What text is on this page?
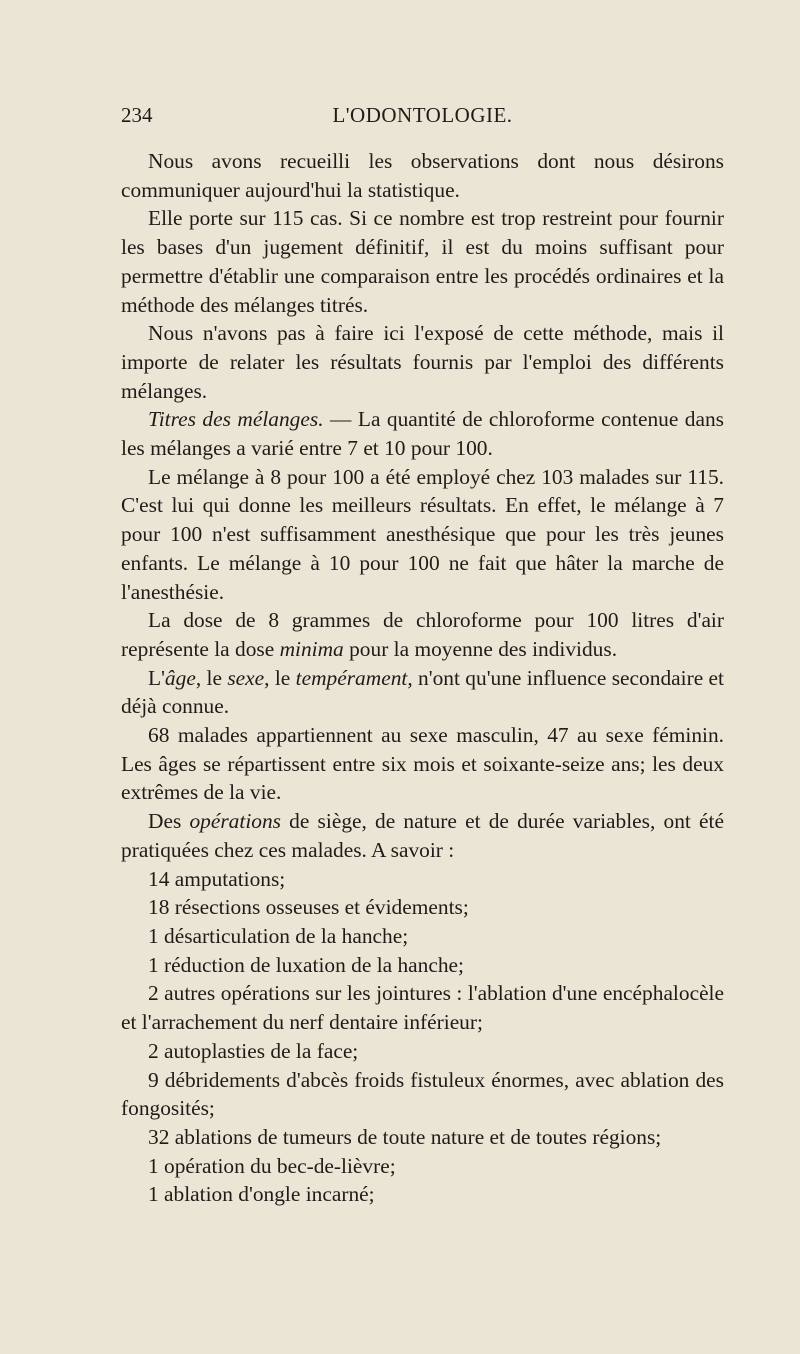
234	L'ODONTOLOGIE.

Nous avons recueilli les observations dont nous désirons communiquer aujourd'hui la statistique.

Elle porte sur 115 cas. Si ce nombre est trop restreint pour fournir les bases d'un jugement définitif, il est du moins suffisant pour permettre d'établir une comparaison entre les procédés ordinaires et la méthode des mélanges titrés.

Nous n'avons pas à faire ici l'exposé de cette méthode, mais il importe de relater les résultats fournis par l'emploi des différents mélanges.

Titres des mélanges. — La quantité de chloroforme contenue dans les mélanges a varié entre 7 et 10 pour 100.

Le mélange à 8 pour 100 a été employé chez 103 malades sur 115. C'est lui qui donne les meilleurs résultats. En effet, le mélange à 7 pour 100 n'est suffisamment anesthésique que pour les très jeunes enfants. Le mélange à 10 pour 100 ne fait que hâter la marche de l'anesthésie.

La dose de 8 grammes de chloroforme pour 100 litres d'air représente la dose minima pour la moyenne des individus.

L'âge, le sexe, le tempérament, n'ont qu'une influence secondaire et déjà connue.

68 malades appartiennent au sexe masculin, 47 au sexe féminin. Les âges se répartissent entre six mois et soixante-seize ans; les deux extrêmes de la vie.

Des opérations de siège, de nature et de durée variables, ont été pratiquées chez ces malades. A savoir :

14 amputations;

18 résections osseuses et évidements;

1 désarticulation de la hanche;

1 réduction de luxation de la hanche;

2 autres opérations sur les jointures : l'ablation d'une encéphalocèle et l'arrachement du nerf dentaire inférieur;

2 autoplasties de la face;

9 débridements d'abcès froids fistuleux énormes, avec ablation des fongosités;

32 ablations de tumeurs de toute nature et de toutes régions;

1 opération du bec-de-lièvre;

1 ablation d'ongle incarné;
